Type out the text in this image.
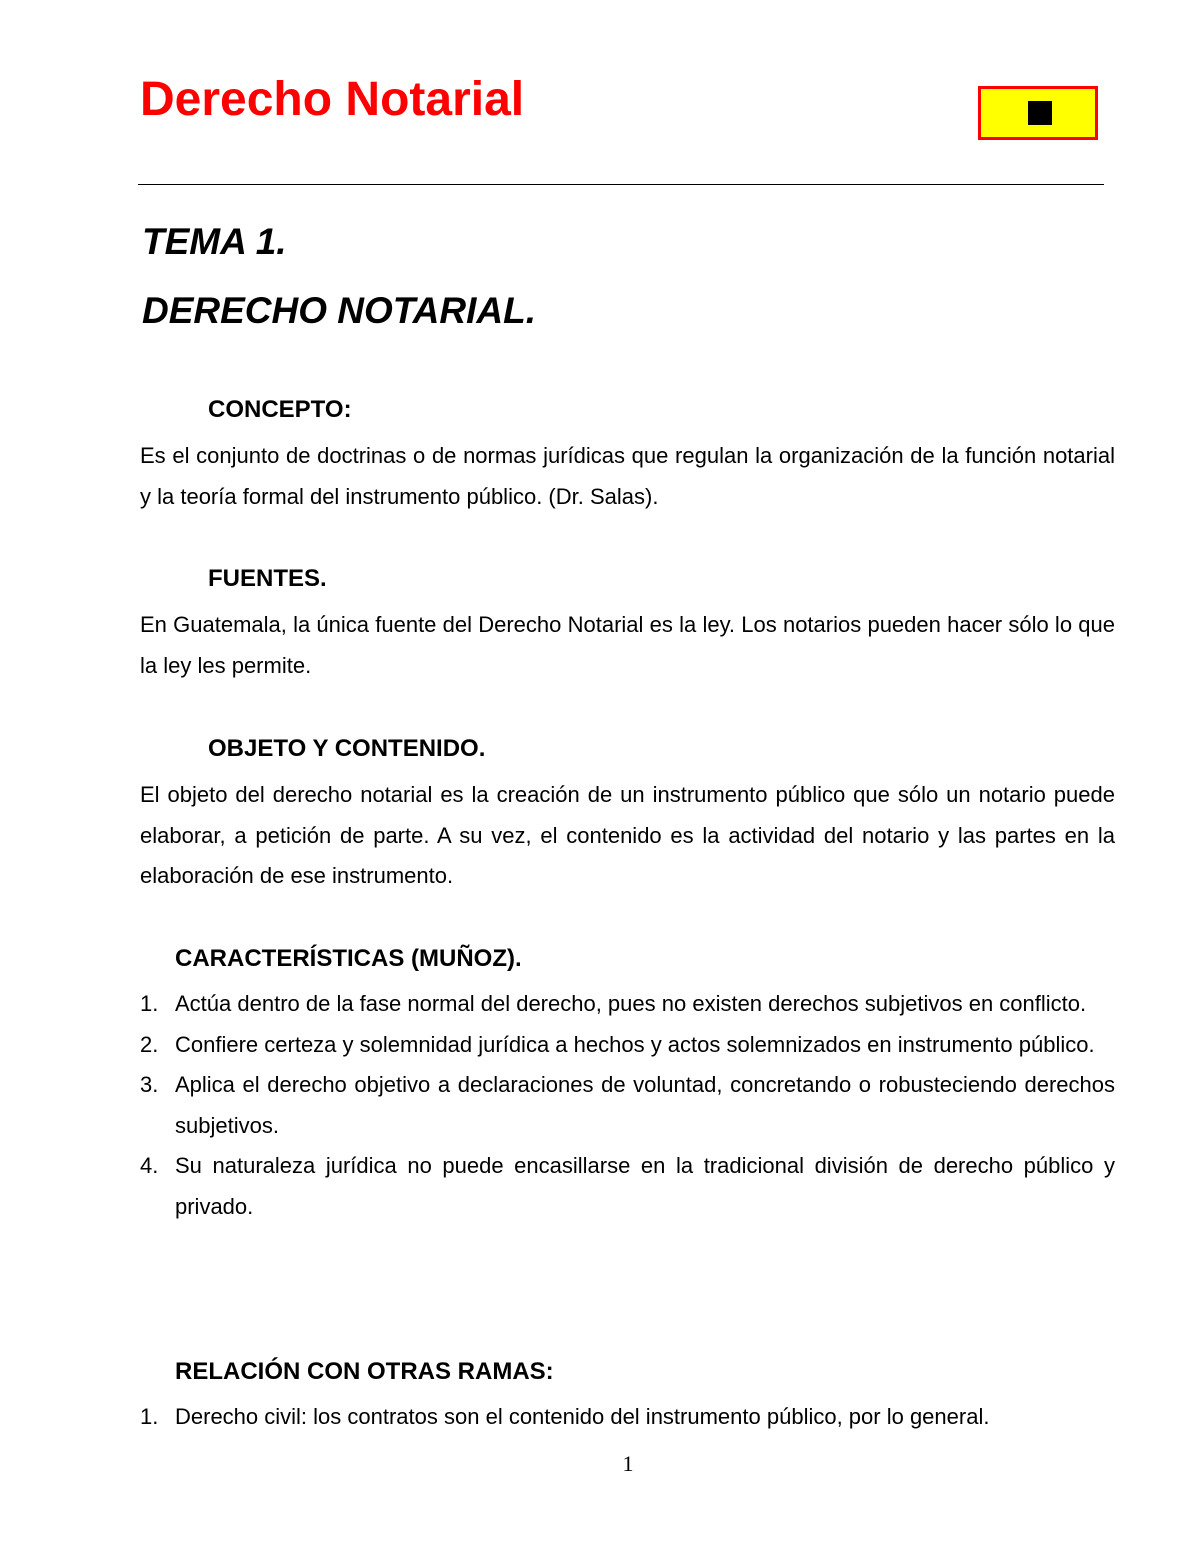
Derecho Notarial
TEMA 1.
DERECHO NOTARIAL.
CONCEPTO:

Es el conjunto de doctrinas o de normas jurídicas que regulan la organización de la función notarial y la teoría formal del instrumento público. (Dr. Salas).

FUENTES.

En Guatemala, la única fuente del Derecho Notarial es la ley. Los notarios pueden hacer sólo lo que la ley les permite.

OBJETO Y CONTENIDO.

El objeto del derecho notarial es la creación de un instrumento público que sólo un notario puede elaborar, a petición de parte. A su vez, el contenido es la actividad del notario y las partes en la elaboración de ese instrumento.

CARACTERÍSTICAS (MUÑOZ).
1. Actúa dentro de la fase normal del derecho, pues no existen derechos subjetivos en conflicto.
2. Confiere certeza y solemnidad jurídica a hechos y actos solemnizados en instrumento público.
3. Aplica el derecho objetivo a declaraciones de voluntad, concretando o robusteciendo derechos subjetivos.
4. Su naturaleza jurídica no puede encasillarse en la tradicional división de derecho público y privado.
RELACIÓN CON OTRAS RAMAS:
1. Derecho civil: los contratos son el contenido del instrumento público, por lo general.
1
